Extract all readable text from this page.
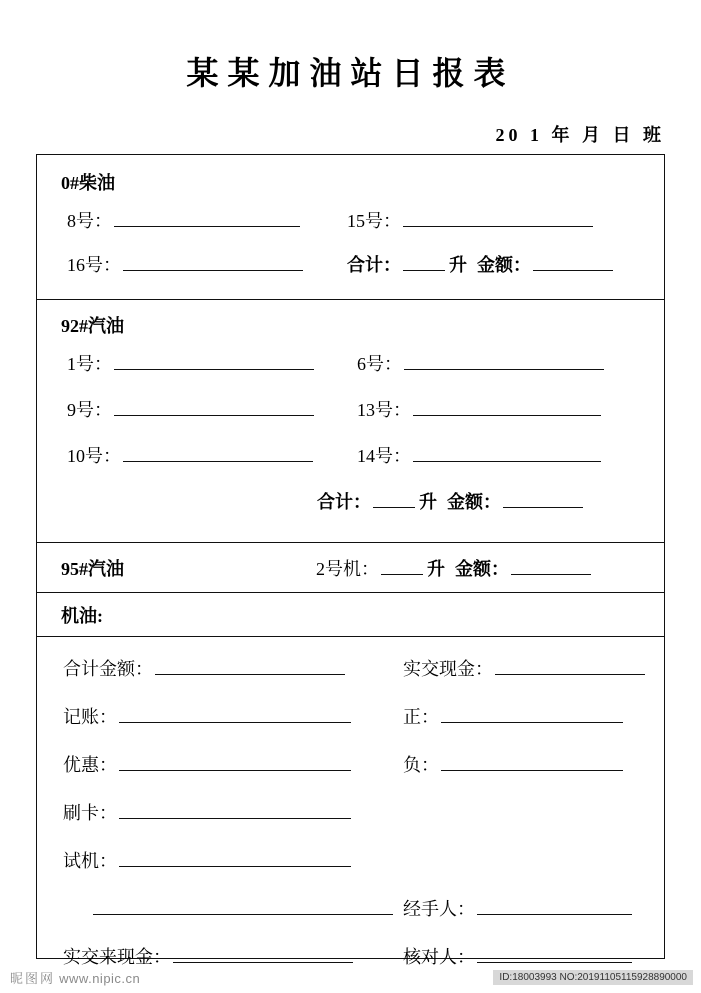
某某加油站日报表
20 1 年 月 日 班
0#柴油
8号：	15号：
16号：	合计：	升 金额：
92#汽油
1号：	6号：
9号：	13号：
10号：	14号：
合计：	升 金额：
95#汽油	2号机：	升 金额：
机油:
合计金额：	实交现金：
记账：	正：
优惠：	负：
刷卡：
试机：
经手人：
实交来现金：	核对人：
昵图网 www.nipic.cn	ID:18003993 NO:20191105115928890000
